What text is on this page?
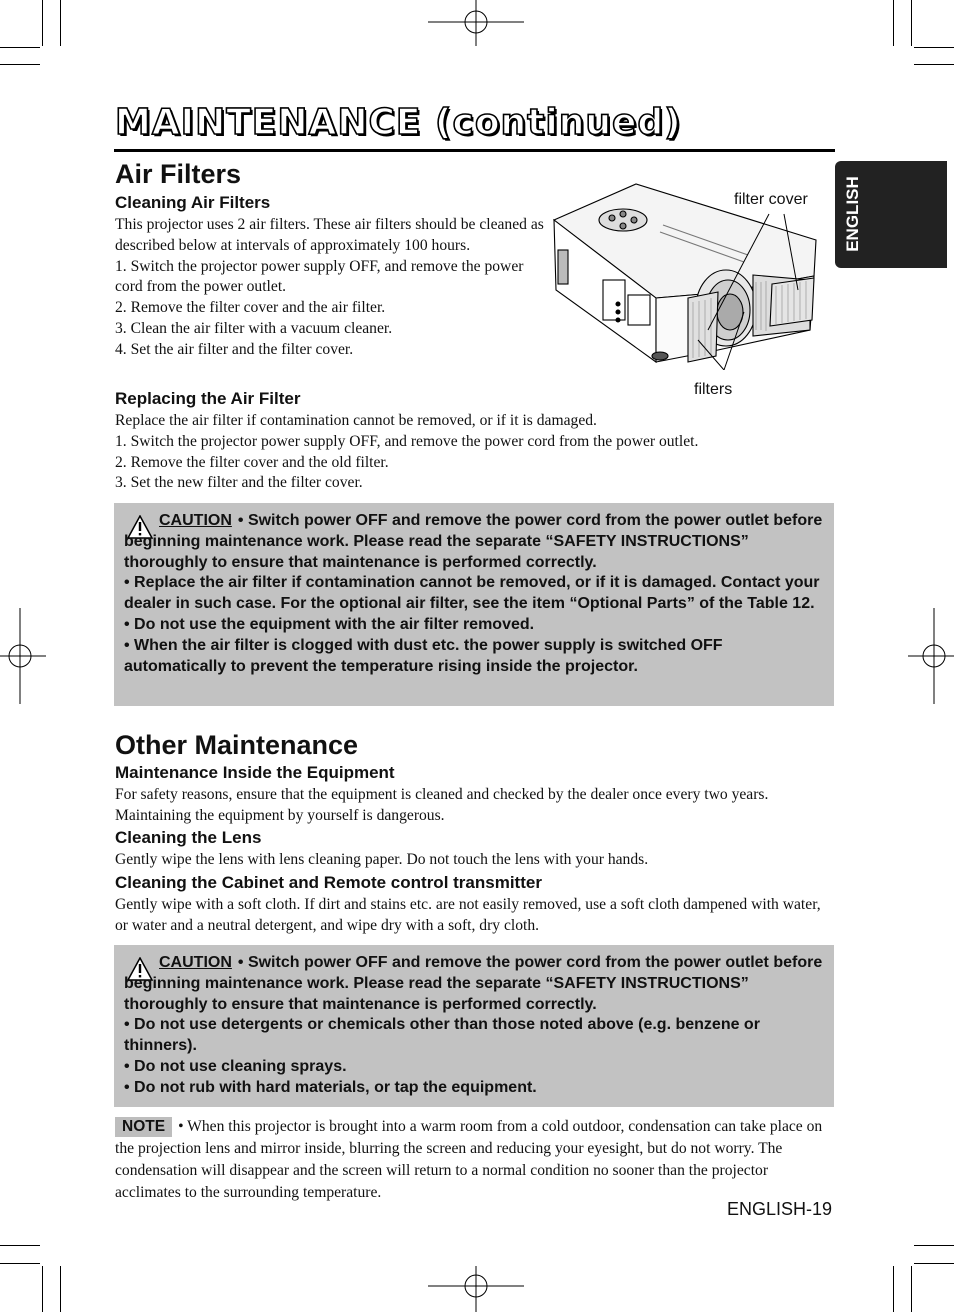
MAINTENANCE (continued)
ENGLISH
Air Filters
Cleaning Air Filters

This projector uses 2 air filters. These air filters should be cleaned as described below at intervals of approximately 100 hours.

1. Switch the projector power supply OFF, and remove the power cord from the power outlet.

2. Remove the filter cover and the air filter.

3. Clean the air filter with a vacuum cleaner.

4. Set the air filter and the filter cover.

filter cover
filters
Replacing the Air Filter

Replace the air filter if contamination cannot be removed, or if it is damaged.

1. Switch the projector power supply OFF, and remove the power cord from the power outlet.

2. Remove the filter cover and the old filter.

3. Set the new filter and the filter cover.

CAUTION • Switch power OFF and remove the power cord from the power outlet before beginning maintenance work. Please read the separate “SAFETY INSTRUCTIONS” thoroughly to ensure that maintenance is performed correctly.
• Replace the air filter if contamination cannot be removed, or if it is damaged. Contact your dealer in such case. For the optional air filter, see the item “Optional Parts” of the Table 12.
• Do not use the equipment with the air filter removed.
• When the air filter is clogged with dust etc. the power supply is switched OFF automatically to prevent the temperature rising inside the projector.
Other Maintenance
Maintenance Inside the Equipment
For safety reasons, ensure that the equipment is cleaned and checked by the dealer once every two years. Maintaining the equipment by yourself is dangerous.
Cleaning the Lens
Gently wipe the lens with lens cleaning paper. Do not touch the lens with your hands.
Cleaning the Cabinet and Remote control transmitter
Gently wipe with a soft cloth. If dirt and stains etc. are not easily removed, use a soft cloth dampened with water, or water and a neutral detergent, and wipe dry with a soft, dry cloth.
CAUTION • Switch power OFF and remove the power cord from the power outlet before beginning maintenance work. Please read the separate “SAFETY INSTRUCTIONS” thoroughly to ensure that maintenance is performed correctly.
• Do not use detergents or chemicals other than those noted above (e.g. benzene or thinners).
• Do not use cleaning sprays.
• Do not rub with hard materials, or tap the equipment.
NOTE • When this projector is brought into a warm room from a cold outdoor, condensation can take place on the projection lens and mirror inside, blurring the screen and reducing your eyesight, but do not worry. The condensation will disappear and the screen will return to a normal condition no sooner than the projector acclimates to the surrounding temperature.
ENGLISH-19
